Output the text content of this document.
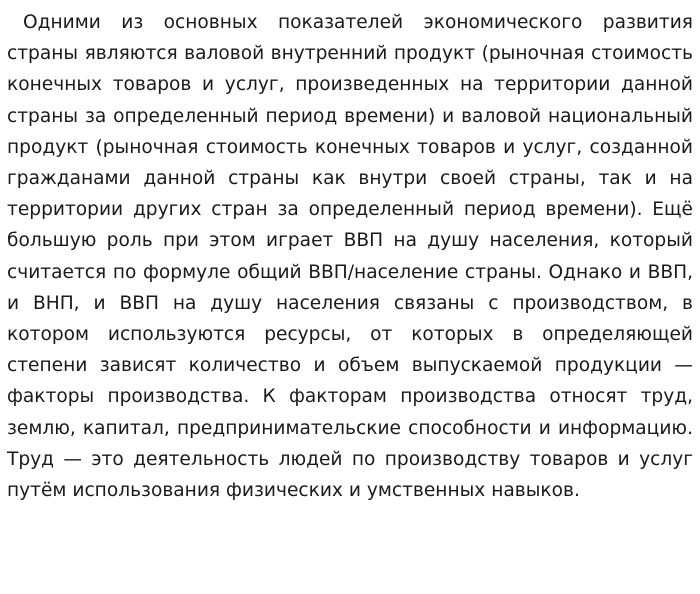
Одними из основных показателей экономического развития страны являются валовой внутренний продукт (рыночная стоимость конечных товаров и услуг, произведенных на территории данной страны за определенный период времени) и валовой национальный продукт (рыночная стоимость конечных товаров и услуг, созданной гражданами данной страны как внутри своей страны, так и на территории других стран за определенный период времени). Ещё большую роль при этом играет ВВП на душу населения, который считается по формуле общий ВВП/население страны. Однако и ВВП, и ВНП, и ВВП на душу населения связаны с производством, в котором используются ресурсы, от которых в определяющей степени зависят количество и объем выпускаемой продукции — факторы производства. К факторам производства относят труд, землю, капитал, предпринимательские способности и информацию. Труд — это деятельность людей по производству товаров и услуг путём использования физических и умственных навыков.
